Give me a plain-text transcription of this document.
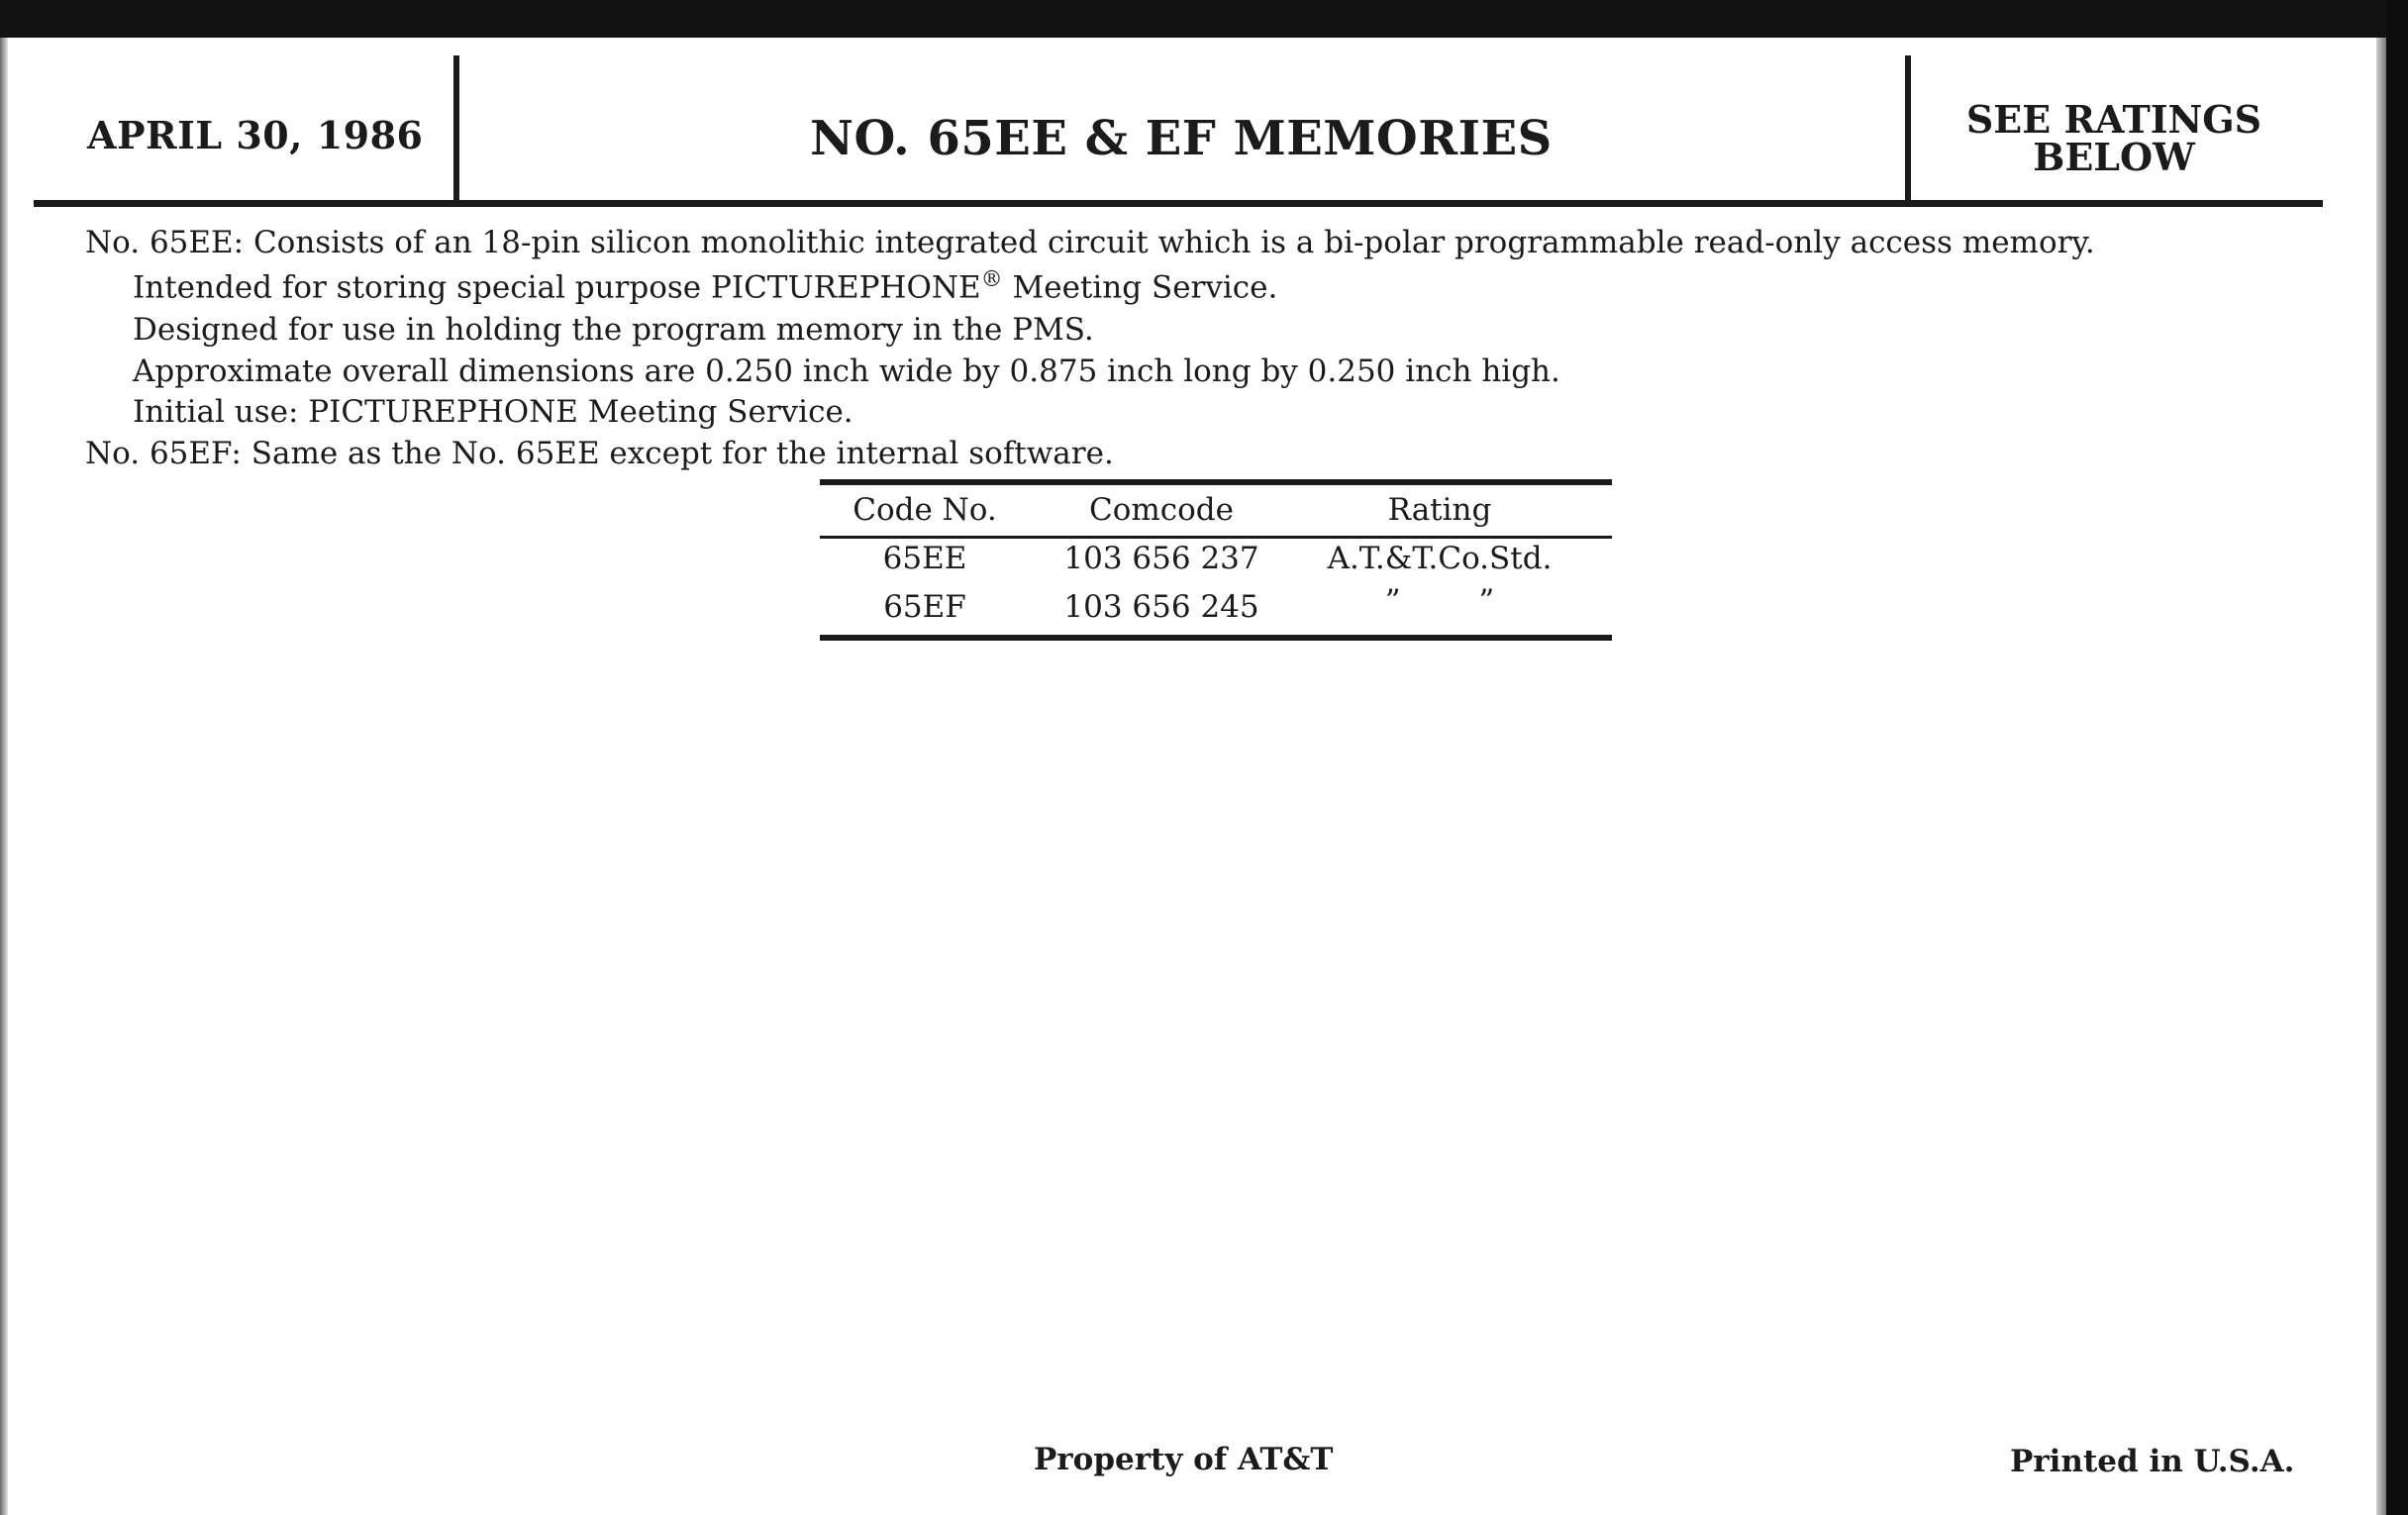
APRIL 30, 1986	NO. 65EE & EF MEMORIES	SEE RATINGS
BELOW
No. 65EE: Consists of an 18-pin silicon monolithic integrated circuit which is a bi-polar programmable read-only access memory.
Intended for storing special purpose PICTUREPHONE® Meeting Service.
Designed for use in holding the program memory in the PMS.
Approximate overall dimensions are 0.250 inch wide by 0.875 inch long by 0.250 inch high.
Initial use: PICTUREPHONE Meeting Service.
No. 65EF: Same as the No. 65EE except for the internal software.
Code No.	Comcode	Rating
65EE	103 656 237	A.T.&T.Co.Std.
65EF	103 656 245	”        ”
Property of AT&T	Printed in U.S.A.
